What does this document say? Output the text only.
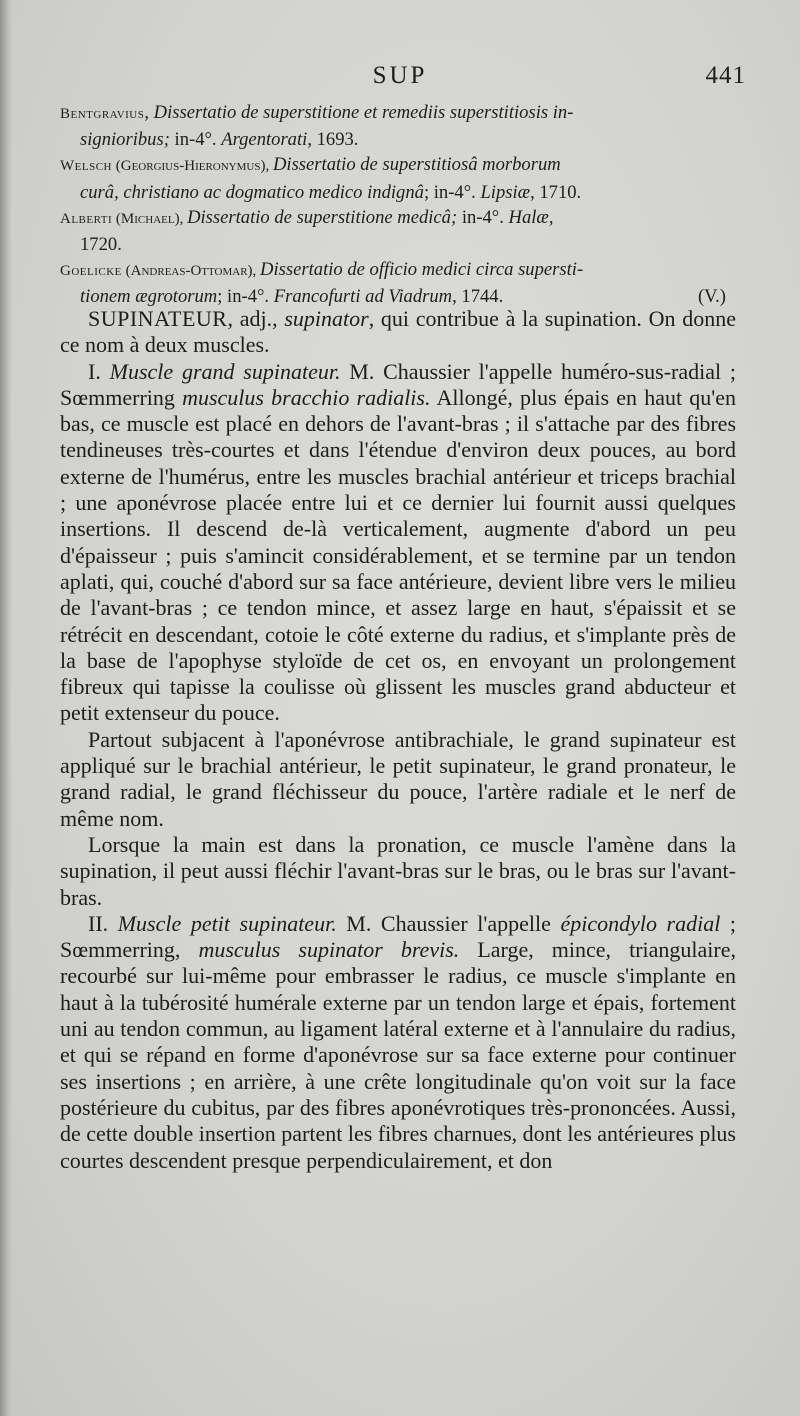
SUP	441

Bentgravius, Dissertatio de superstitione et remediis superstitiosis in-
signioribus; in-4°. Argentorati, 1693.

Welsch (Georgius-Hieronymus), Dissertatio de superstitiosâ morborum
curâ, christiano ac dogmatico medico indignâ; in-4°. Lipsiæ, 1710.

Alberti (Michael), Dissertatio de superstitione medicâ; in-4°. Halæ,
1720.

Goelicke (Andreas-Ottomar), Dissertatio de officio medici circa supersti-
tionem ægrotorum; in-4°. Francofurti ad Viadrum, 1744.	(V.)

SUPINATEUR, adj., supinator, qui contribue à la supination. On donne ce nom à deux muscles.

I. Muscle grand supinateur. M. Chaussier l'appelle huméro-sus-radial ; Sœmmerring musculus bracchio radialis. Allongé, plus épais en haut qu'en bas, ce muscle est placé en dehors de l'avant-bras ; il s'attache par des fibres tendineuses très-courtes et dans l'étendue d'environ deux pouces, au bord externe de l'humérus, entre les muscles brachial antérieur et triceps brachial ; une aponévrose placée entre lui et ce dernier lui fournit aussi quelques insertions. Il descend de-là verticalement, augmente d'abord un peu d'épaisseur ; puis s'amincit considérablement, et se termine par un tendon aplati, qui, couché d'abord sur sa face antérieure, devient libre vers le milieu de l'avant-bras ; ce tendon mince, et assez large en haut, s'épaissit et se rétrécit en descendant, cotoie le côté externe du radius, et s'implante près de la base de l'apophyse styloïde de cet os, en envoyant un prolongement fibreux qui tapisse la coulisse où glissent les muscles grand abducteur et petit extenseur du pouce.

Partout subjacent à l'aponévrose antibrachiale, le grand supinateur est appliqué sur le brachial antérieur, le petit supinateur, le grand pronateur, le grand radial, le grand fléchisseur du pouce, l'artère radiale et le nerf de même nom.

Lorsque la main est dans la pronation, ce muscle l'amène dans la supination, il peut aussi fléchir l'avant-bras sur le bras, ou le bras sur l'avant-bras.

II. Muscle petit supinateur. M. Chaussier l'appelle épicondylo radial ; Sœmmerring, musculus supinator brevis. Large, mince, triangulaire, recourbé sur lui-même pour embrasser le radius, ce muscle s'implante en haut à la tubérosité humérale externe par un tendon large et épais, fortement uni au tendon commun, au ligament latéral externe et à l'annulaire du radius, et qui se répand en forme d'aponévrose sur sa face externe pour continuer ses insertions ; en arrière, à une crête longitudinale qu'on voit sur la face postérieure du cubitus, par des fibres aponévrotiques très-prononcées. Aussi, de cette double insertion partent les fibres charnues, dont les antérieures plus courtes descendent presque perpendiculairement, et don
